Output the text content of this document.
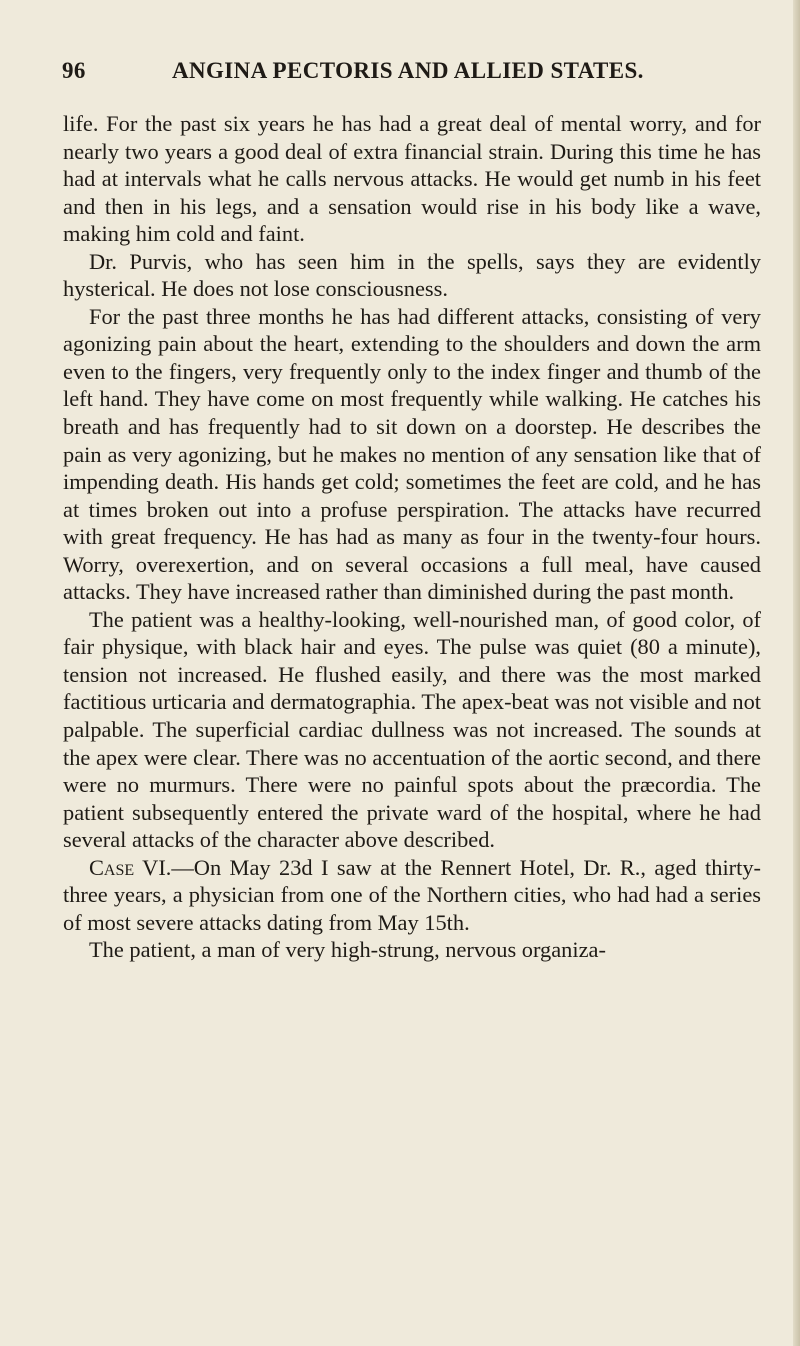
96	ANGINA PECTORIS AND ALLIED STATES.

life. For the past six years he has had a great deal of mental worry, and for nearly two years a good deal of extra financial strain. During this time he has had at intervals what he calls nervous attacks. He would get numb in his feet and then in his legs, and a sensation would rise in his body like a wave, making him cold and faint.

Dr. Purvis, who has seen him in the spells, says they are evidently hysterical. He does not lose consciousness.

For the past three months he has had different attacks, consisting of very agonizing pain about the heart, extending to the shoulders and down the arm even to the fingers, very frequently only to the index finger and thumb of the left hand. They have come on most frequently while walking. He catches his breath and has frequently had to sit down on a doorstep. He describes the pain as very agonizing, but he makes no mention of any sensation like that of impending death. His hands get cold; sometimes the feet are cold, and he has at times broken out into a profuse perspiration. The attacks have recurred with great frequency. He has had as many as four in the twenty-four hours. Worry, overexertion, and on several occasions a full meal, have caused attacks. They have increased rather than diminished during the past month.

The patient was a healthy-looking, well-nourished man, of good color, of fair physique, with black hair and eyes. The pulse was quiet (80 a minute), tension not increased. He flushed easily, and there was the most marked factitious urticaria and dermatographia. The apex-beat was not visible and not palpable. The superficial cardiac dullness was not increased. The sounds at the apex were clear. There was no accentuation of the aortic second, and there were no murmurs. There were no painful spots about the præcordia. The patient subsequently entered the private ward of the hospital, where he had several attacks of the character above described.

Case VI.—On May 23d I saw at the Rennert Hotel, Dr. R., aged thirty-three years, a physician from one of the Northern cities, who had had a series of most severe attacks dating from May 15th.

The patient, a man of very high-strung, nervous organiza-
